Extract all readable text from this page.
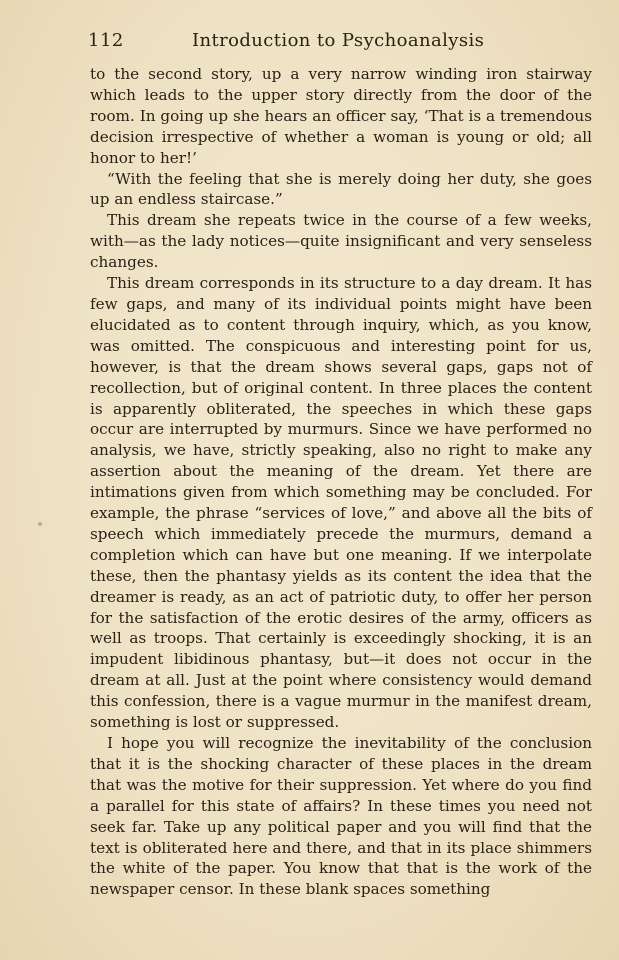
112	Introduction to Psychoanalysis

to the second story, up a very narrow winding iron stairway which leads to the upper story directly from the door of the room. In going up she hears an officer say, ‘That is a tremendous decision irrespective of whether a woman is young or old; all honor to her!’

“With the feeling that she is merely doing her duty, she goes up an endless staircase.”

This dream she repeats twice in the course of a few weeks, with—as the lady notices—quite insignificant and very senseless changes.

This dream corresponds in its structure to a day dream. It has few gaps, and many of its individual points might have been elucidated as to content through inquiry, which, as you know, was omitted. The conspicuous and interesting point for us, however, is that the dream shows several gaps, gaps not of recollection, but of original content. In three places the content is apparently obliterated, the speeches in which these gaps occur are interrupted by murmurs. Since we have performed no analysis, we have, strictly speaking, also no right to make any assertion about the meaning of the dream. Yet there are intimations given from which something may be concluded. For example, the phrase “services of love,” and above all the bits of speech which immediately precede the murmurs, demand a completion which can have but one meaning. If we interpolate these, then the phantasy yields as its content the idea that the dreamer is ready, as an act of patriotic duty, to offer her person for the satisfaction of the erotic desires of the army, officers as well as troops. That certainly is exceedingly shocking, it is an impudent libidinous phantasy, but—it does not occur in the dream at all. Just at the point where consistency would demand this confession, there is a vague murmur in the manifest dream, something is lost or suppressed.

I hope you will recognize the inevitability of the conclusion that it is the shocking character of these places in the dream that was the motive for their suppression. Yet where do you find a parallel for this state of affairs? In these times you need not seek far. Take up any political paper and you will find that the text is obliterated here and there, and that in its place shimmers the white of the paper. You know that that is the work of the newspaper censor. In these blank spaces something
